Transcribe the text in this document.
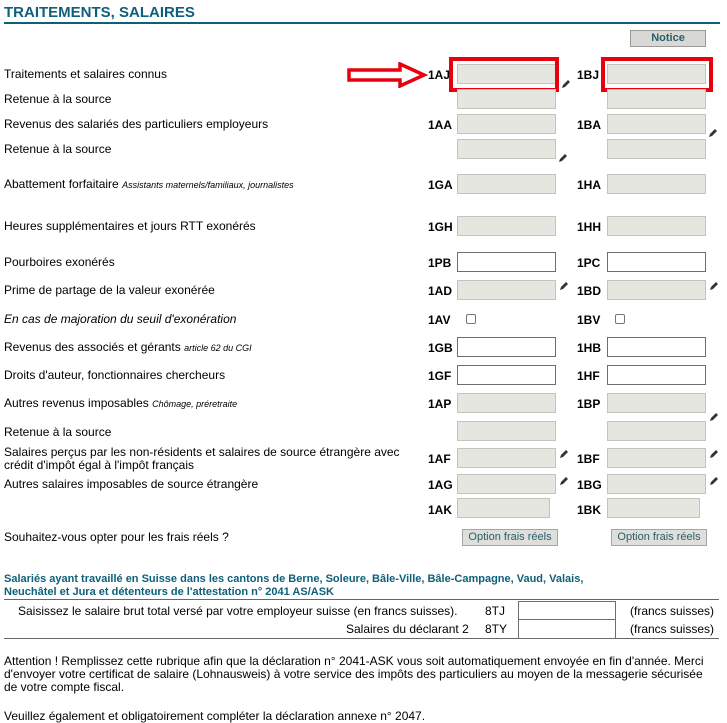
TRAITEMENTS, SALAIRES
Notice
Traitements et salaires connus	1AJ	1BJ
Retenue à la source
Revenus des salariés des particuliers employeurs	1AA	1BA
Retenue à la source
Abattement forfaitaire Assistants maternels/familiaux, journalistes	1GA	1HA
Heures supplémentaires et jours RTT exonérés	1GH	1HH
Pourboires exonérés	1PB	1PC
Prime de partage de la valeur exonérée	1AD	1BD
En cas de majoration du seuil d'exonération	1AV	1BV
Revenus des associés et gérants article 62 du CGI	1GB	1HB
Droits d'auteur, fonctionnaires chercheurs	1GF	1HF
Autres revenus imposables Chômage, préretraite	1AP	1BP
Retenue à la source
Salaires perçus par les non-résidents et salaires de source étrangère avec crédit d'impôt égal à l'impôt français	1AF	1BF
Autres salaires imposables de source étrangère	1AG	1BG
1AK	1BK
Souhaitez-vous opter pour les frais réels ?	Option frais réels	Option frais réels
Salariés ayant travaillé en Suisse dans les cantons de Berne, Soleure, Bâle-Ville, Bâle-Campagne, Vaud, Valais, Neuchâtel et Jura et détenteurs de l'attestation n° 2041 AS/ASK
Saisissez le salaire brut total versé par votre employeur suisse (en francs suisses).	8TJ	(francs suisses)
Salaires du déclarant 2 8TY	(francs suisses)
Attention ! Remplissez cette rubrique afin que la déclaration n° 2041-ASK vous soit automatiquement envoyée en fin d'année. Merci d'envoyer votre certificat de salaire (Lohnausweis) à votre service des impôts des particuliers au moyen de la messagerie sécurisée de votre compte fiscal.
Veuillez également et obligatoirement compléter la déclaration annexe n° 2047.
